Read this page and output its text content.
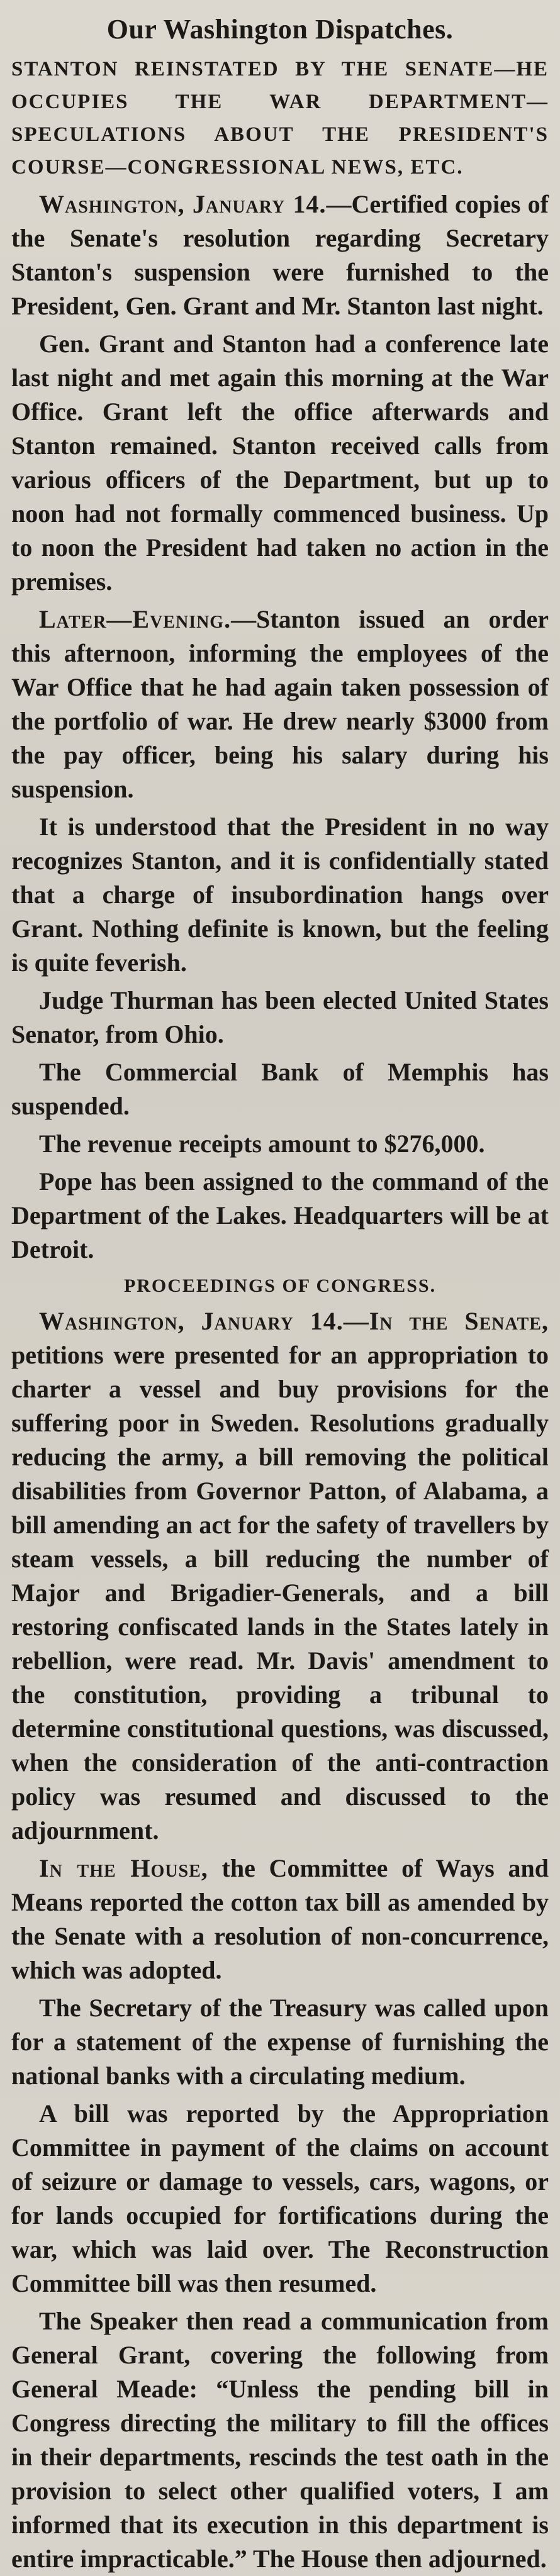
Our Washington Dispatches.
STANTON REINSTATED BY THE SENATE—HE OCCUPIES THE WAR DEPARTMENT—SPECULATIONS ABOUT THE PRESIDENT'S COURSE—CONGRESSIONAL NEWS, ETC.
Washington, January 14.—Certified copies of the Senate's resolution regarding Secretary Stanton's suspension were furnished to the President, Gen. Grant and Mr. Stanton last night.
Gen. Grant and Stanton had a conference late last night and met again this morning at the War Office. Grant left the office afterwards and Stanton remained. Stanton received calls from various officers of the Department, but up to noon had not formally commenced business. Up to noon the President had taken no action in the premises.
Later—Evening.—Stanton issued an order this afternoon, informing the employees of the War Office that he had again taken possession of the portfolio of war. He drew nearly $3000 from the pay officer, being his salary during his suspension.
It is understood that the President in no way recognizes Stanton, and it is confidentially stated that a charge of insubordination hangs over Grant. Nothing definite is known, but the feeling is quite feverish.
Judge Thurman has been elected United States Senator, from Ohio.
The Commercial Bank of Memphis has suspended.
The revenue receipts amount to $276,000.
Pope has been assigned to the command of the Department of the Lakes. Headquarters will be at Detroit.
PROCEEDINGS OF CONGRESS.
Washington, January 14.—In the Senate, petitions were presented for an appropriation to charter a vessel and buy provisions for the suffering poor in Sweden. Resolutions gradually reducing the army, a bill removing the political disabilities from Governor Patton, of Alabama, a bill amending an act for the safety of travellers by steam vessels, a bill reducing the number of Major and Brigadier-Generals, and a bill restoring confiscated lands in the States lately in rebellion, were read. Mr. Davis' amendment to the constitution, providing a tribunal to determine constitutional questions, was discussed, when the consideration of the anti-contraction policy was resumed and discussed to the adjournment.
In the House, the Committee of Ways and Means reported the cotton tax bill as amended by the Senate with a resolution of non-concurrence, which was adopted.
The Secretary of the Treasury was called upon for a statement of the expense of furnishing the national banks with a circulating medium.
A bill was reported by the Appropriation Committee in payment of the claims on account of seizure or damage to vessels, cars, wagons, or for lands occupied for fortifications during the war, which was laid over. The Reconstruction Committee bill was then resumed.
The Speaker then read a communication from General Grant, covering the following from General Meade: “Unless the pending bill in Congress directing the military to fill the offices in their departments, rescinds the test oath in the provision to select other qualified voters, I am informed that its execution in this department is entire impracticable.” The House then adjourned.
